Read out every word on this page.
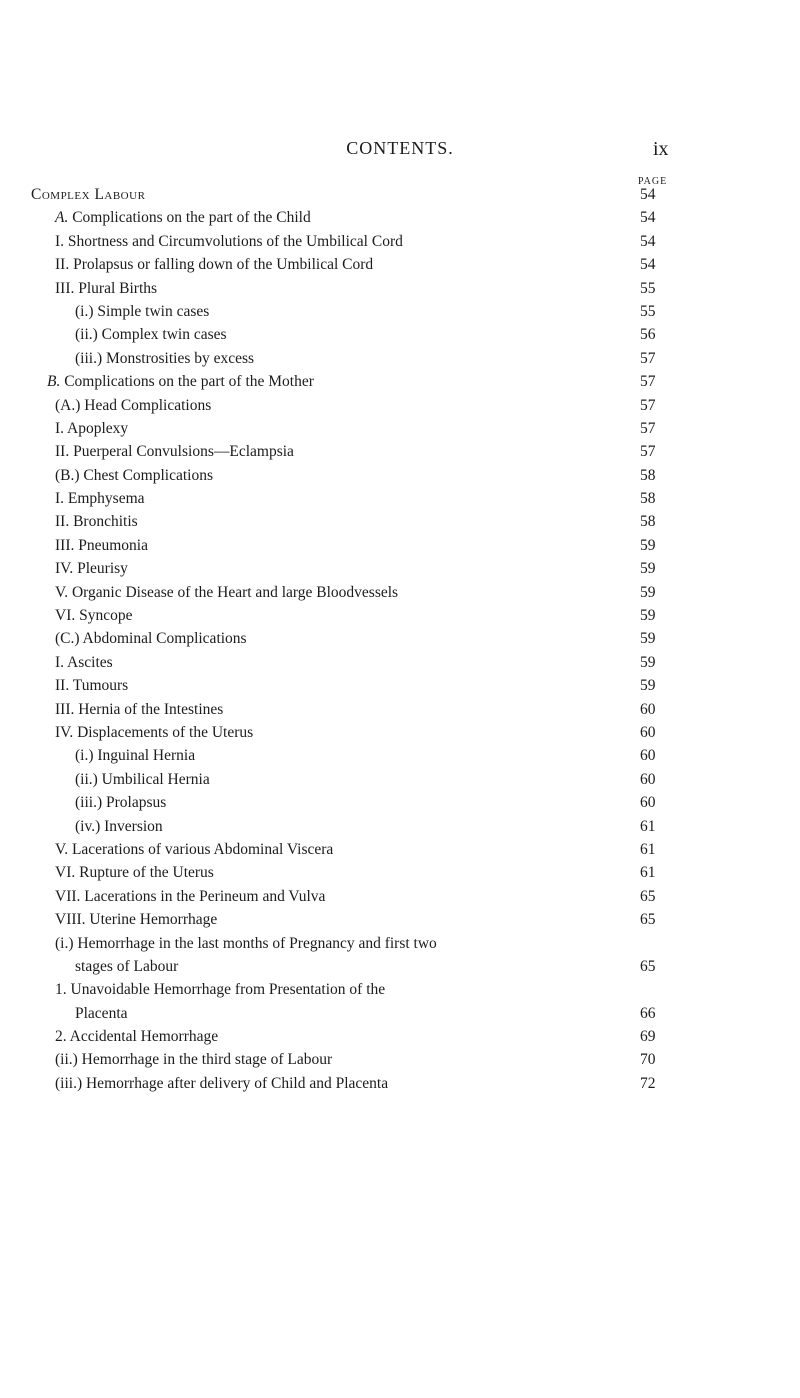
CONTENTS.	ix
PAGE
Complex Labour	54
A. Complications on the part of the Child	54
I. Shortness and Circumvolutions of the Umbilical Cord	54
II. Prolapsus or falling down of the Umbilical Cord	54
III. Plural Births	55
(i.) Simple twin cases	55
(ii.) Complex twin cases	56
(iii.) Monstrosities by excess	57
B. Complications on the part of the Mother	57
(A.) Head Complications	57
I. Apoplexy	57
II. Puerperal Convulsions—Eclampsia	57
(B.) Chest Complications	58
I. Emphysema	58
II. Bronchitis	58
III. Pneumonia	59
IV. Pleurisy	59
V. Organic Disease of the Heart and large Bloodvessels	59
VI. Syncope	59
(C.) Abdominal Complications	59
I. Ascites	59
II. Tumours	59
III. Hernia of the Intestines	60
IV. Displacements of the Uterus	60
(i.) Inguinal Hernia	60
(ii.) Umbilical Hernia	60
(iii.) Prolapsus	60
(iv.) Inversion	61
V. Lacerations of various Abdominal Viscera	61
VI. Rupture of the Uterus	61
VII. Lacerations in the Perineum and Vulva	65
VIII. Uterine Hemorrhage	65
(i.) Hemorrhage in the last months of Pregnancy and first two
stages of Labour	65
1. Unavoidable Hemorrhage from Presentation of the
Placenta	66
2. Accidental Hemorrhage	69
(ii.) Hemorrhage in the third stage of Labour	70
(iii.) Hemorrhage after delivery of Child and Placenta	72
